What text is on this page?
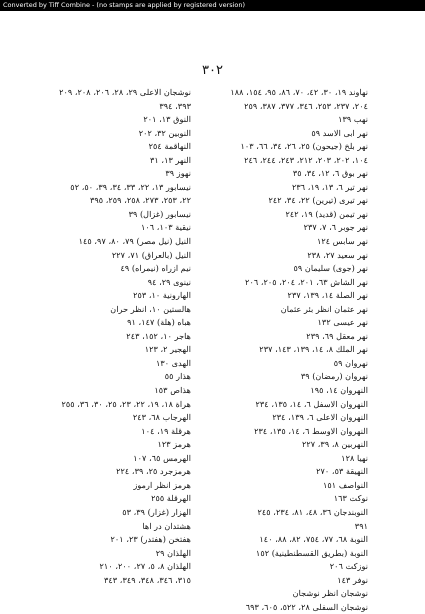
Converted by Tiff Combine - (no stamps are applied by registered version)
٣٠٢
نهاوند ١٩، ٣٠، ٤٢، ٧٠، ٨٦، ٩٥، ١٥٤، ١٨٨
٢٠٤، ٢٣٧، ٢٥٣، ٣٤٦، ٣٧٧، ٣٨٧، ٢٥٩
نهب ١٣٩
نهر ابى الاسد ٥٩
نهر بلخ (جيحون) ٢٥، ٢٦، ٣٤، ٦٦، ١٠٣
١٠٤، ٢٠٢، ٢٠٣، ٢١٢، ٢٤٣، ٢٤٤، ٢٤٦
نهر بوق ٦، ١٢، ٣٤، ٣٥
نهر تير ٦، ١٣، ١٩، ٢٣٦
نهر تيرى (تيرين) ٢٢، ٣٤، ٢٤٢
نهر تيمن (قديد) ١٩، ٢٤٢
نهر جوبر ٦، ٧، ٢٣٧
نهر سابس ١٢٤
نهر سعيد ٢٧، ٢٣٨
نهر (جوى) سليمان ٥٩
نهر الشاش ٦٣، ٢٠١، ٢٠٤، ٢٠٥، ٢٠٦
نهر الصلة ١٤، ١٣٩، ٢٣٧
نهر عثمان انظر بئر عثمان
نهر عيسى ١٣٢
نهر معقل ٦٩، ٢٣٩
نهر الملك ٨، ١٤، ١٣٩، ١٤٣، ٢٣٧
نهروان ٥٩
نهروان (رمضان) ٣٩
النهروان ١٤، ١٩٥
النهروان الاسفل ٦، ١٤، ١٣٥، ٢٣٤
النهروان الاعلى ٦، ١٣٩، ٢٣٤
النهروان الاوسط ٦، ١٤، ١٣٥، ٢٣٤
النهربين ٨، ٣٩، ٢٢٧
نهيا ١٢٨
النهيقة ٥٣، ٢٧٠
النواصف ١٥١
نوكت ١٦٣
النوبندجان ٣٦، ٤٨، ٨١، ٢٣٤، ٢٤٥
٣٩١
النوبة ٦٨، ٧٧، ٧٥٤، ٨٢، ٨٨، ١٤٠
النوبة (بطريق القسطنطينية) ١٥٢
نوزكت ٢٠٦
نوفر ١٤٣
نوشجان انظر نوشجان
نوشجان السفلى ٢٨، ٥٢٢، ٦٠٥، ٦٩٣
نوشجان الاعلى ٢٩، ٢٨، ٢٠٦، ٢٠٨، ٢٠٩
٣٩٣، ٣٩٤
النوق ١٣، ٢٠١
النوبين ٣٢، ٢٠٢
النهاقمة ٢٥٤
النهر ١٣، ٣١
نهوز ٣٩
نيسابور ١٣، ٢٢، ٣٣، ٣٤، ٣٩، ٥٠، ٥٢
٢٢، ٢٥٣، ٢٧٣، ٢٥٨، ٢٥٩، ٣٩٥
نيسابور (غزال) ٣٩
نيقية ١٠٣، ١٠٦
النيل (نيل مصر) ٧٩، ٨٠، ٩٧، ١٤٥
النيل (بالعراق) ٧١، ٢٢٧
نيم ازراه (نيمراه) ٤٩
نينوى ٢٩، ٩٤
الهارونية ١٠، ٢٥٣
هالستين ١٠، انظر حران
هباه (هلة) ١٤٧، ٩١
هاجر ١٠، ١٥٢، ٢٤٣
الهجير ٢، ١٢٣
الهدى ١٣٠
هذار ٥٥
هذاص ١٥٣
هراة ١٨، ١٩، ٢٢، ٢٣، ٢٥، ٣٠، ٣٦، ٢٥٥
الهرجاب ٦٨، ٢٤٣
هرقلة ١٩، ١٠٤
هرمز ١٢٣
الهرمس ٦٥، ١٠٧
هرمزجرد ٢٥، ٣٩، ٢٢٤
هرمز انظر ارموز
الهرقلة ٢٥٥
الهزار (غزار) ٣٩، ٥٣
هشتدان در اها
هفتخن (هفتدر) ٢٣، ٢٠١
الهلذان ٢٩
الهلذان ٨، ٥، ٢٧، ٢٠٠، ٢١٠
٣١٥، ٣٤٦، ٣٤٨، ٣٤٩، ٣٤٣
